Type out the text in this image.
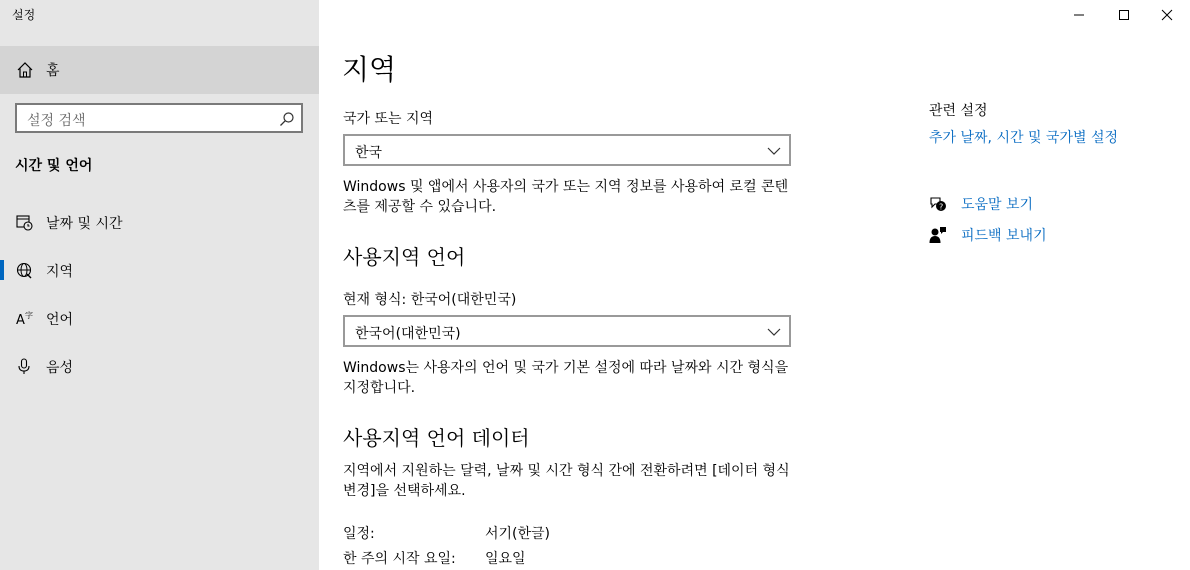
설정
홈
설정 검색
시간 및 언어
날짜 및 시간
지역
A 字 언어
음성
지역
국가 또는 지역
한국
Windows 및 앱에서 사용자의 국가 또는 지역 정보를 사용하여 로컬 콘텐츠를 제공할 수 있습니다.
사용지역 언어
현재 형식: 한국어(대한민국)
한국어(대한민국)
Windows는 사용자의 언어 및 국가 기본 설정에 따라 날짜와 시간 형식을 지정합니다.
사용지역 언어 데이터
지역에서 지원하는 달력, 날짜 및 시간 형식 간에 전환하려면 [데이터 형식 변경]을 선택하세요.
일정:	서기(한글)
한 주의 시작 요일: 일요일
관련 설정
추가 날짜, 시간 및 국가별 설정
? 도움말 보기
피드백 보내기
